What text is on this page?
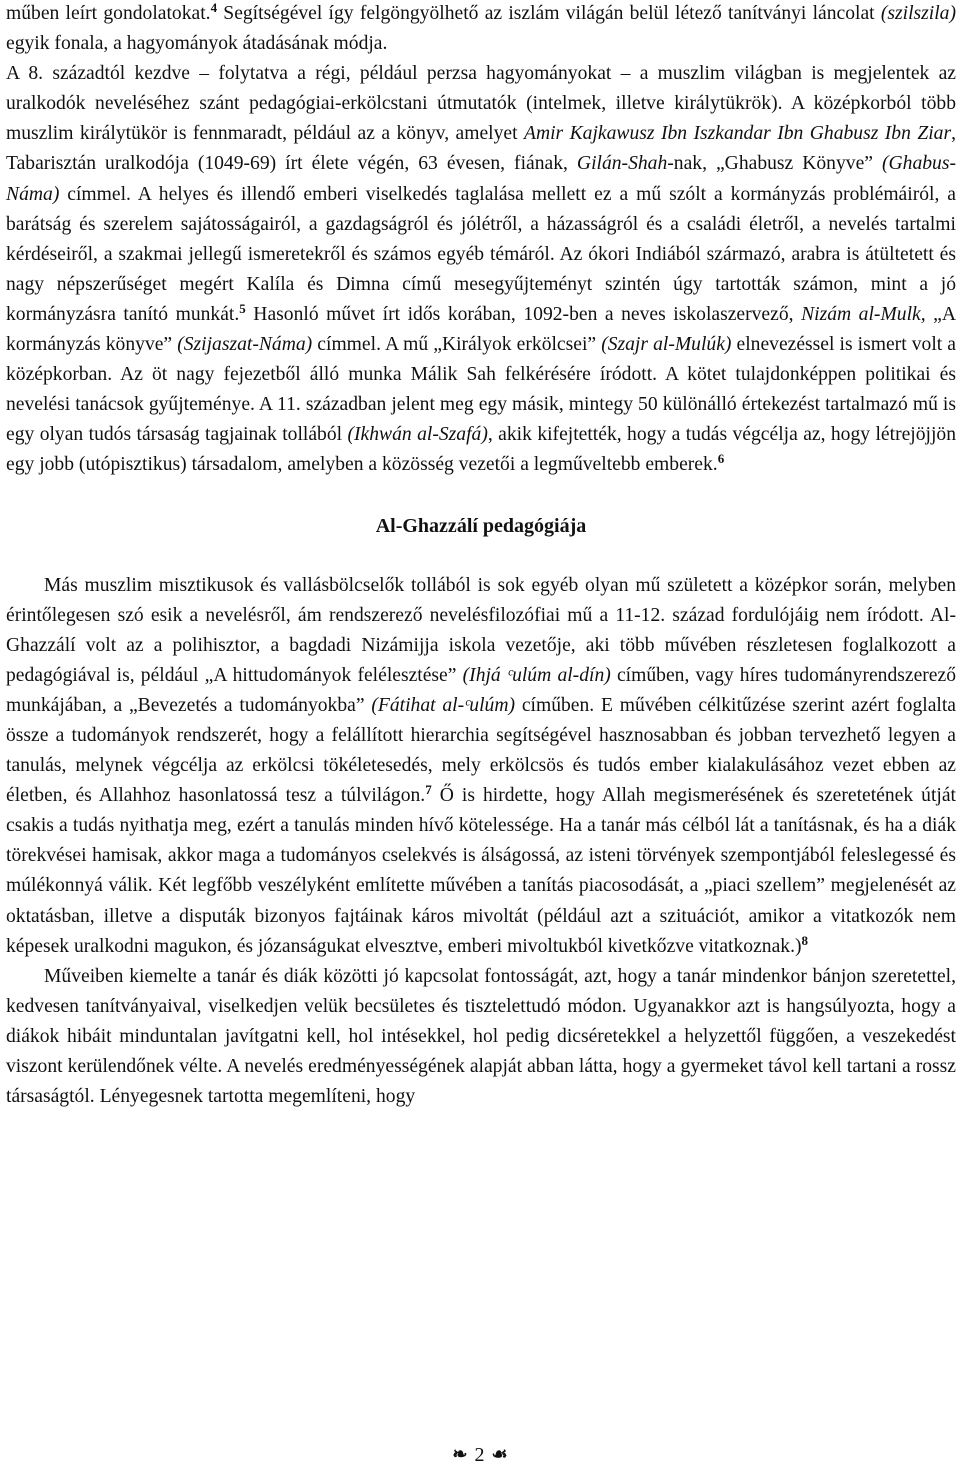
műben leírt gondolatokat.$^4$ Segítségével így felgöngyölhető az iszlám világán belül létező tanítványi láncolat (szilszila) egyik fonala, a hagyományok átadásának módja.

A 8. századtól kezdve – folytatva a régi, például perzsa hagyományokat – a muszlim világban is megjelentek az uralkodók neveléséhez szánt pedagógiai-erkölcstani útmutatók (intelmek, illetve királytükrök). A középkorból több muszlim királytükör is fennmaradt, például az a könyv, amelyet Amir Kajkawusz Ibn Iszkandar Ibn Ghabusz Ibn Ziar, Tabarisztán uralkodója (1049-69) írt élete végén, 63 évesen, fiának, Gilán-Shah-nak, „Ghabusz Könyve” (Ghabus-Náma) címmel. A helyes és illendő emberi viselkedés taglalása mellett ez a mű szólt a kormányzás problémáiról, a barátság és szerelem sajátosságairól, a gazdagságról és jólétről, a házasságról és a családi életről, a nevelés tartalmi kérdéseiről, a szakmai jellegű ismeretekről és számos egyéb témáról. Az ókori Indiából származó, arabra is átültetett és nagy népszerűséget megért Kalíla és Dimna című mesegyűjteményt szintén úgy tartották számon, mint a jó kormányzásra tanító munkát.$^5$ Hasonló művet írt idős korában, 1092-ben a neves iskolaszervező, Nizám al-Mulk, „A kormányzás könyve” (Szijaszat-Náma) címmel. A mű „Királyok erkölcsei” (Szajr al-Mulúk) elnevezéssel is ismert volt a középkorban. Az öt nagy fejezetből álló munka Málik Sah felkérésére íródott. A kötet tulajdonképpen politikai és nevelési tanácsok gyűjteménye. A 11. században jelent meg egy másik, mintegy 50 különálló értekezést tartalmazó mű is egy olyan tudós társaság tagjainak tollából (Ikhwán al-Szafá), akik kifejtették, hogy a tudás végcélja az, hogy létrejöjjön egy jobb (utópisztikus) társadalom, amelyben a közösség vezetői a legműveltebb emberek.$^6$

Al-Ghazzálí pedagógiája

Más muszlim misztikusok és vallásbölcselők tollából is sok egyéb olyan mű született a középkor során, melyben érintőlegesen szó esik a nevelésről, ám rendszerező nevelésfilozófiai mű a 11-12. század fordulójáig nem íródott. Al-Ghazzálí volt az a polihisztor, a bagdadi Nizámijja iskola vezetője, aki több művében részletesen foglalkozott a pedagógiával is, például „A hittudományok felélesztése” (Ihjá ᶜulúm al-dín) címűben, vagy híres tudományrendszerező munkájában, a „Bevezetés a tudományokba” (Fátihat al-ᶜulúm) címűben. E művében célkitűzése szerint azért foglalta össze a tudományok rendszerét, hogy a felállított hierarchia segítségével hasznosabban és jobban tervezhető legyen a tanulás, melynek végcélja az erkölcsi tökéletesedés, mely erkölcsös és tudós ember kialakulásához vezet ebben az életben, és Allahhoz hasonlatossá tesz a túlvilágon.$^7$ Ő is hirdette, hogy Allah megismerésének és szeretetének útját csakis a tudás nyithatja meg, ezért a tanulás minden hívő kötelessége. Ha a tanár más célból lát a tanításnak, és ha a diák törekvései hamisak, akkor maga a tudományos cselekvés is álságossá, az isteni törvények szempontjából feleslegessé és múlékonnyá válik. Két legfőbb veszélyként említette művében a tanítás piacosodását, a „piaci szellem” megjelenését az oktatásban, illetve a disputák bizonyos fajtáinak káros mivoltát (például azt a szituációt, amikor a vitatkozók nem képesek uralkodni magukon, és józanságukat elvesztve, emberi mivoltukból kivetkőzve vitatkoznak.)$^8$

Műveiben kiemelte a tanár és diák közötti jó kapcsolat fontosságát, azt, hogy a tanár mindenkor bánjon szeretettel, kedvesen tanítványaival, viselkedjen velük becsületes és tisztelettudó módon. Ugyanakkor azt is hangsúlyozta, hogy a diákok hibáit minduntalan javítgatni kell, hol intésekkel, hol pedig dicséretekkel a helyzettől függően, a veszekedést viszont kerülendőnek vélte. A nevelés eredményességének alapját abban látta, hogy a gyermeket távol kell tartani a rossz társaságtól. Lényegesnek tartotta megemlíteni, hogy

❧ 2 ☙
